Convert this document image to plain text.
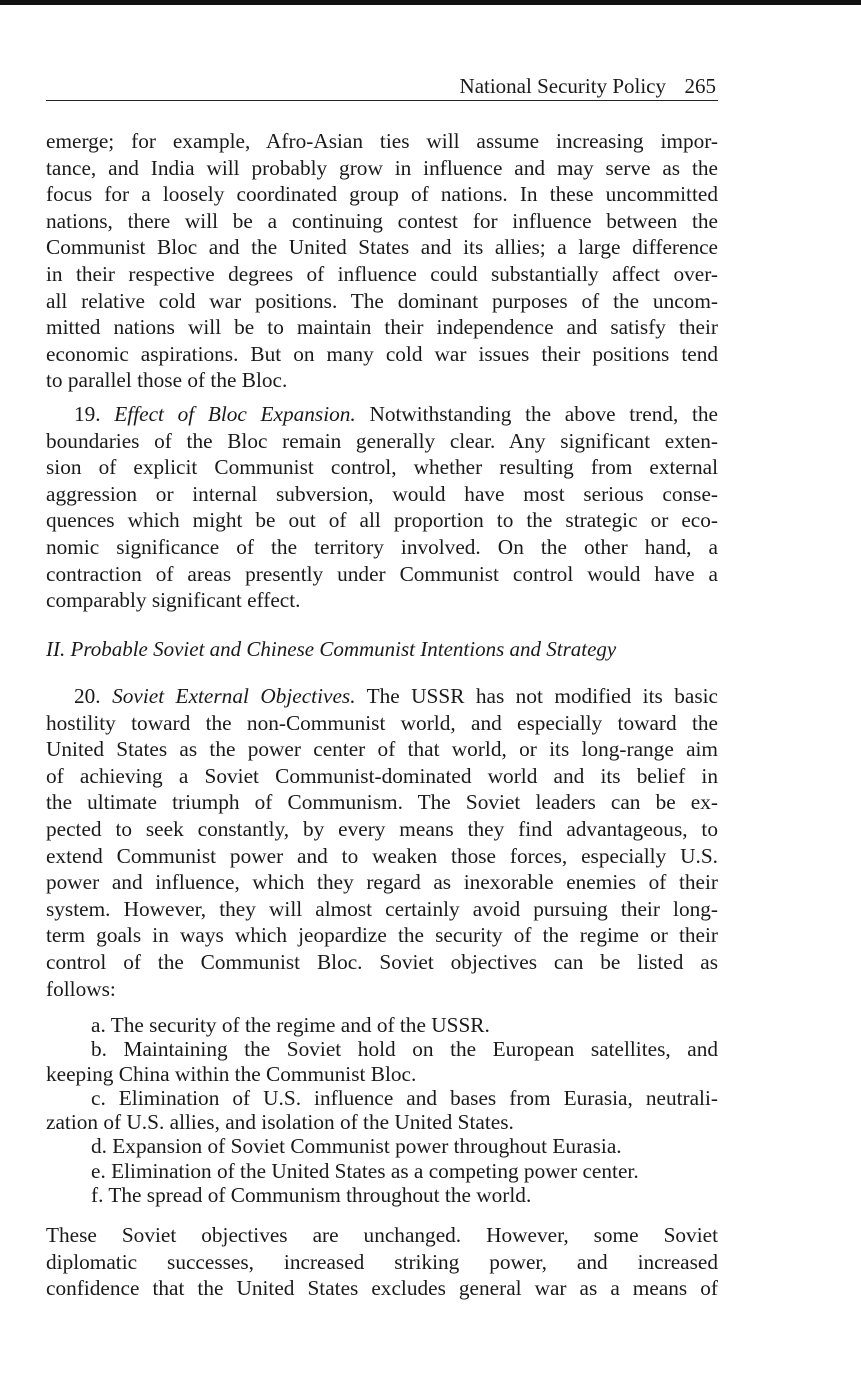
National Security Policy 265
emerge; for example, Afro-Asian ties will assume increasing impor-
tance, and India will probably grow in influence and may serve as the
focus for a loosely coordinated group of nations. In these uncommitted
nations, there will be a continuing contest for influence between the
Communist Bloc and the United States and its allies; a large difference
in their respective degrees of influence could substantially affect over-
all relative cold war positions. The dominant purposes of the uncom-
mitted nations will be to maintain their independence and satisfy their
economic aspirations. But on many cold war issues their positions tend
to parallel those of the Bloc.
19. Effect of Bloc Expansion. Notwithstanding the above trend, the
boundaries of the Bloc remain generally clear. Any significant exten-
sion of explicit Communist control, whether resulting from external
aggression or internal subversion, would have most serious conse-
quences which might be out of all proportion to the strategic or eco-
nomic significance of the territory involved. On the other hand, a
contraction of areas presently under Communist control would have a
comparably significant effect.
II. Probable Soviet and Chinese Communist Intentions and Strategy
20. Soviet External Objectives. The USSR has not modified its basic
hostility toward the non-Communist world, and especially toward the
United States as the power center of that world, or its long-range aim
of achieving a Soviet Communist-dominated world and its belief in
the ultimate triumph of Communism. The Soviet leaders can be ex-
pected to seek constantly, by every means they find advantageous, to
extend Communist power and to weaken those forces, especially U.S.
power and influence, which they regard as inexorable enemies of their
system. However, they will almost certainly avoid pursuing their long-
term goals in ways which jeopardize the security of the regime or their
control of the Communist Bloc. Soviet objectives can be listed as
follows:
a. The security of the regime and of the USSR.
b. Maintaining the Soviet hold on the European satellites, and
keeping China within the Communist Bloc.
c. Elimination of U.S. influence and bases from Eurasia, neutrali-
zation of U.S. allies, and isolation of the United States.
d. Expansion of Soviet Communist power throughout Eurasia.
e. Elimination of the United States as a competing power center.
f. The spread of Communism throughout the world.
These Soviet objectives are unchanged. However, some Soviet
diplomatic successes, increased striking power, and increased
confidence that the United States excludes general war as a means of
